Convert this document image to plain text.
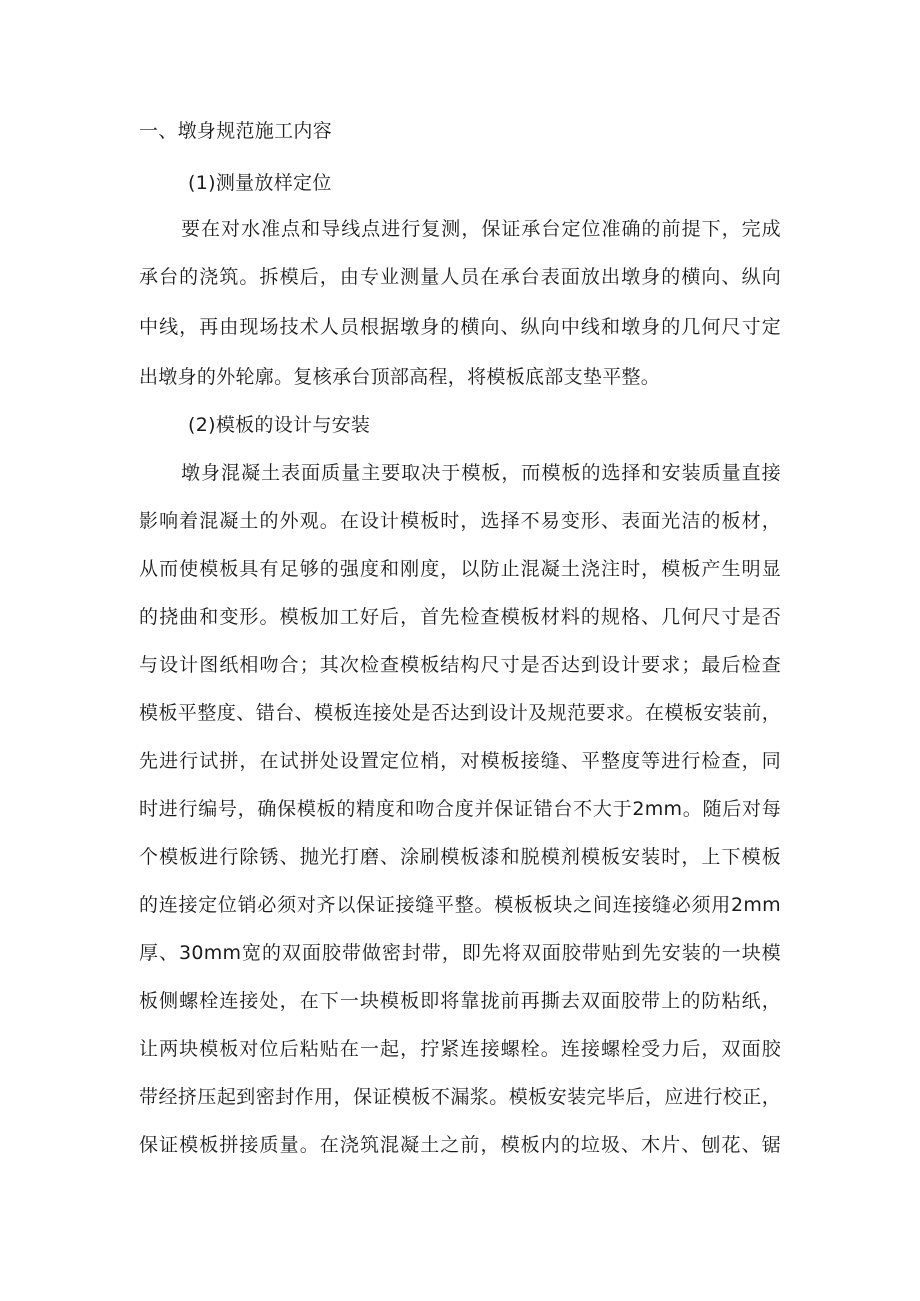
一、墩身规范施工内容
(1)测量放样定位
要在对水准点和导线点进行复测，保证承台定位准确的前提下，完成
承台的浇筑。拆模后，由专业测量人员在承台表面放出墩身的横向、纵向
中线，再由现场技术人员根据墩身的横向、纵向中线和墩身的几何尺寸定
出墩身的外轮廓。复核承台顶部高程，将模板底部支垫平整。
(2)模板的设计与安装
墩身混凝土表面质量主要取决于模板，而模板的选择和安装质量直接
影响着混凝土的外观。在设计模板时，选择不易变形、表面光洁的板材，
从而使模板具有足够的强度和刚度，以防止混凝土浇注时，模板产生明显
的挠曲和变形。模板加工好后，首先检查模板材料的规格、几何尺寸是否
与设计图纸相吻合；其次检查模板结构尺寸是否达到设计要求；最后检查
模板平整度、错台、模板连接处是否达到设计及规范要求。在模板安装前，
先进行试拼，在试拼处设置定位梢，对模板接缝、平整度等进行检查，同
时进行编号，确保模板的精度和吻合度并保证错台不大于2mm。随后对每
个模板进行除锈、抛光打磨、涂刷模板漆和脱模剂模板安装时，上下模板
的连接定位销必须对齐以保证接缝平整。模板板块之间连接缝必须用2mm
厚、30mm宽的双面胶带做密封带，即先将双面胶带贴到先安装的一块模
板侧螺栓连接处，在下一块模板即将靠拢前再撕去双面胶带上的防粘纸，
让两块模板对位后粘贴在一起，拧紧连接螺栓。连接螺栓受力后，双面胶
带经挤压起到密封作用，保证模板不漏浆。模板安装完毕后，应进行校正，
保证模板拼接质量。在浇筑混凝土之前，模板内的垃圾、木片、刨花、锯
